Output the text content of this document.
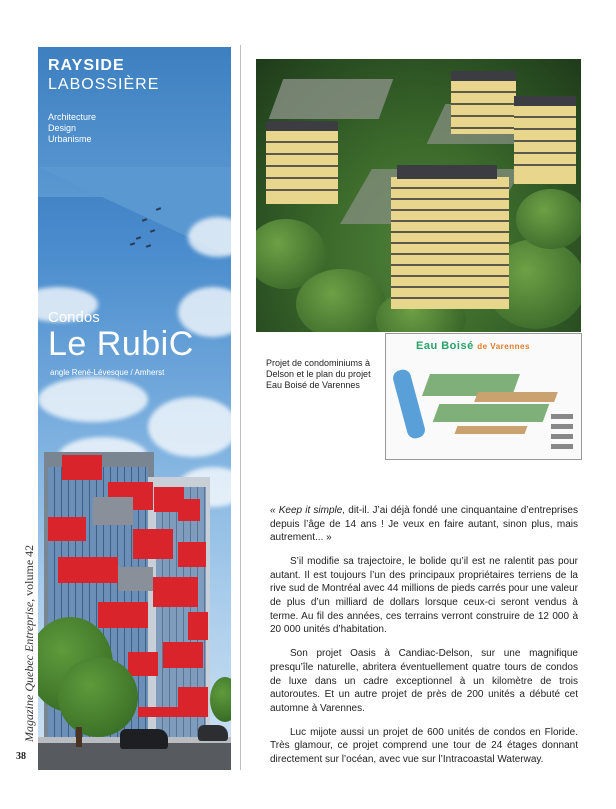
RAYSIDE
LABOSSIÈRE
Architecture
Design
Urbanisme
Condos
Le RubiC
angle René-Lévesque / Amherst
Magazine Quebec Entreprise, volume 42
38
Projet de condominiums à Delson et le plan du projet Eau Boisé de Varennes
Eau Boisé de Varennes

« Keep it simple, dit-il. J’ai déjà fondé une cinquantaine d’entreprises depuis l’âge de 14 ans ! Je veux en faire autant, sinon plus, mais autrement... »

S’il modifie sa trajectoire, le bolide qu’il est ne ralentit pas pour autant. Il est toujours l’un des principaux propriétaires terriens de la rive sud de Montréal avec 44 millions de pieds carrés pour une valeur de plus d’un milliard de dollars lorsque ceux-ci seront vendus à terme. Au fil des années, ces terrains verront construire de 12 000 à 20 000 unités d’habitation.

Son projet Oasis à Candiac-Delson, sur une magnifique presqu’île naturelle, abritera éventuellement quatre tours de condos de luxe dans un cadre exceptionnel à un kilomètre de trois autoroutes. Et un autre projet de près de 200 unités a débuté cet automne à Varennes.

Luc mijote aussi un projet de 600 unités de condos en Floride. Très glamour, ce projet comprend une tour de 24 étages donnant directement sur l’océan, avec vue sur l’Intracoastal Waterway.
